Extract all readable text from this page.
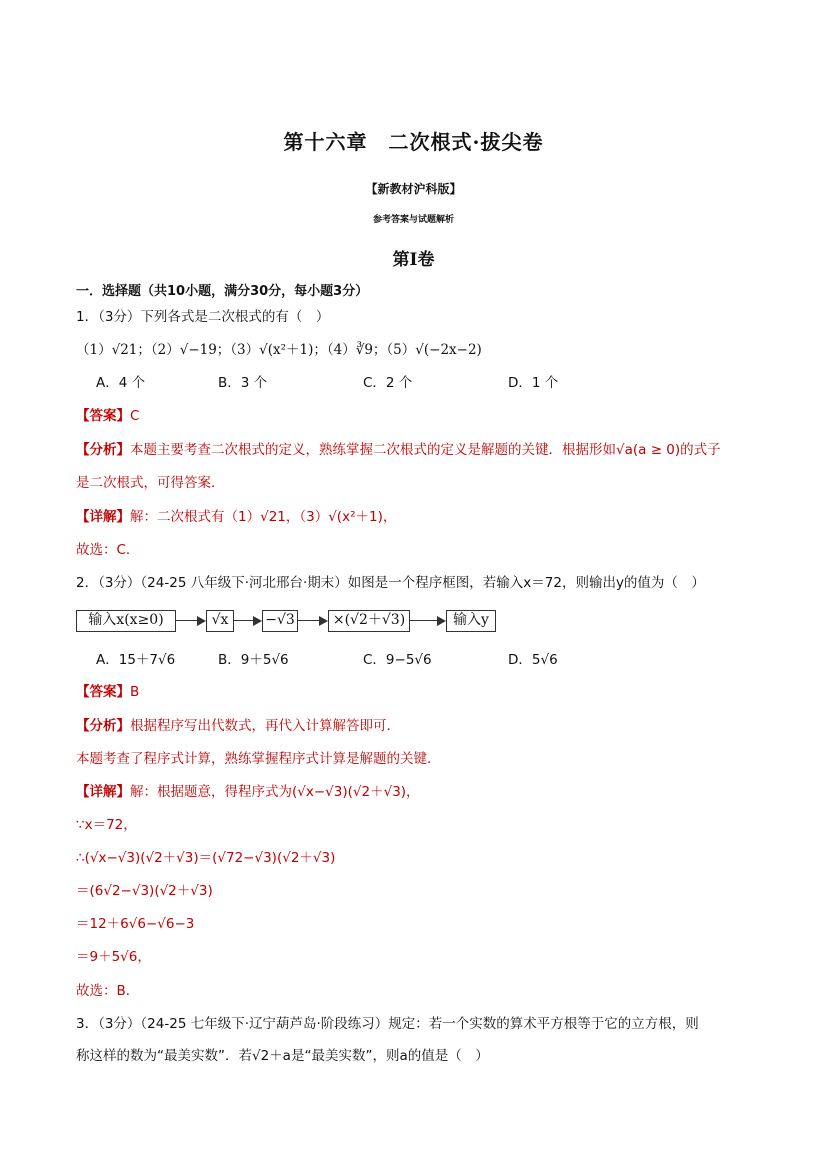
第十六章　二次根式·拔尖卷
【新教材沪科版】
参考答案与试题解析
第Ⅰ卷
一．选择题（共10小题，满分30分，每小题3分）
1．（3分）下列各式是二次根式的有（　）
（1）√21；（2）√−19；（3）√(x²＋1)；（4）∛9；（5）√(−2x−2)
A．4 个	B．3 个	C．2 个	D．1 个
【答案】C
【分析】本题主要考查二次根式的定义，熟练掌握二次根式的定义是解题的关键．根据形如√a(a ≥ 0)的式子
是二次根式，可得答案．
【详解】解：二次根式有（1）√21，（3）√(x²＋1)，
故选：C．
2．（3分）（24-25 八年级下·河北邢台·期末）如图是一个程序框图，若输入x＝72，则输出y的值为（　）
输入x(x≥0)	√x	−√3	×(√2＋√3)	输入y
A．15＋7√6	B．9＋5√6	C．9−5√6	D．5√6
【答案】B
【分析】根据程序写出代数式，再代入计算解答即可．
本题考查了程序式计算，熟练掌握程序式计算是解题的关键．
【详解】解：根据题意，得程序式为(√x−√3)(√2＋√3)，
∵x＝72，
∴(√x−√3)(√2＋√3)＝(√72−√3)(√2＋√3)
＝(6√2−√3)(√2＋√3)
＝12＋6√6−√6−3
＝9＋5√6，
故选：B．
3．（3分）（24-25 七年级下·辽宁葫芦岛·阶段练习）规定：若一个实数的算术平方根等于它的立方根，则
称这样的数为“最美实数”．若√2＋a是“最美实数”，则a的值是（　）
